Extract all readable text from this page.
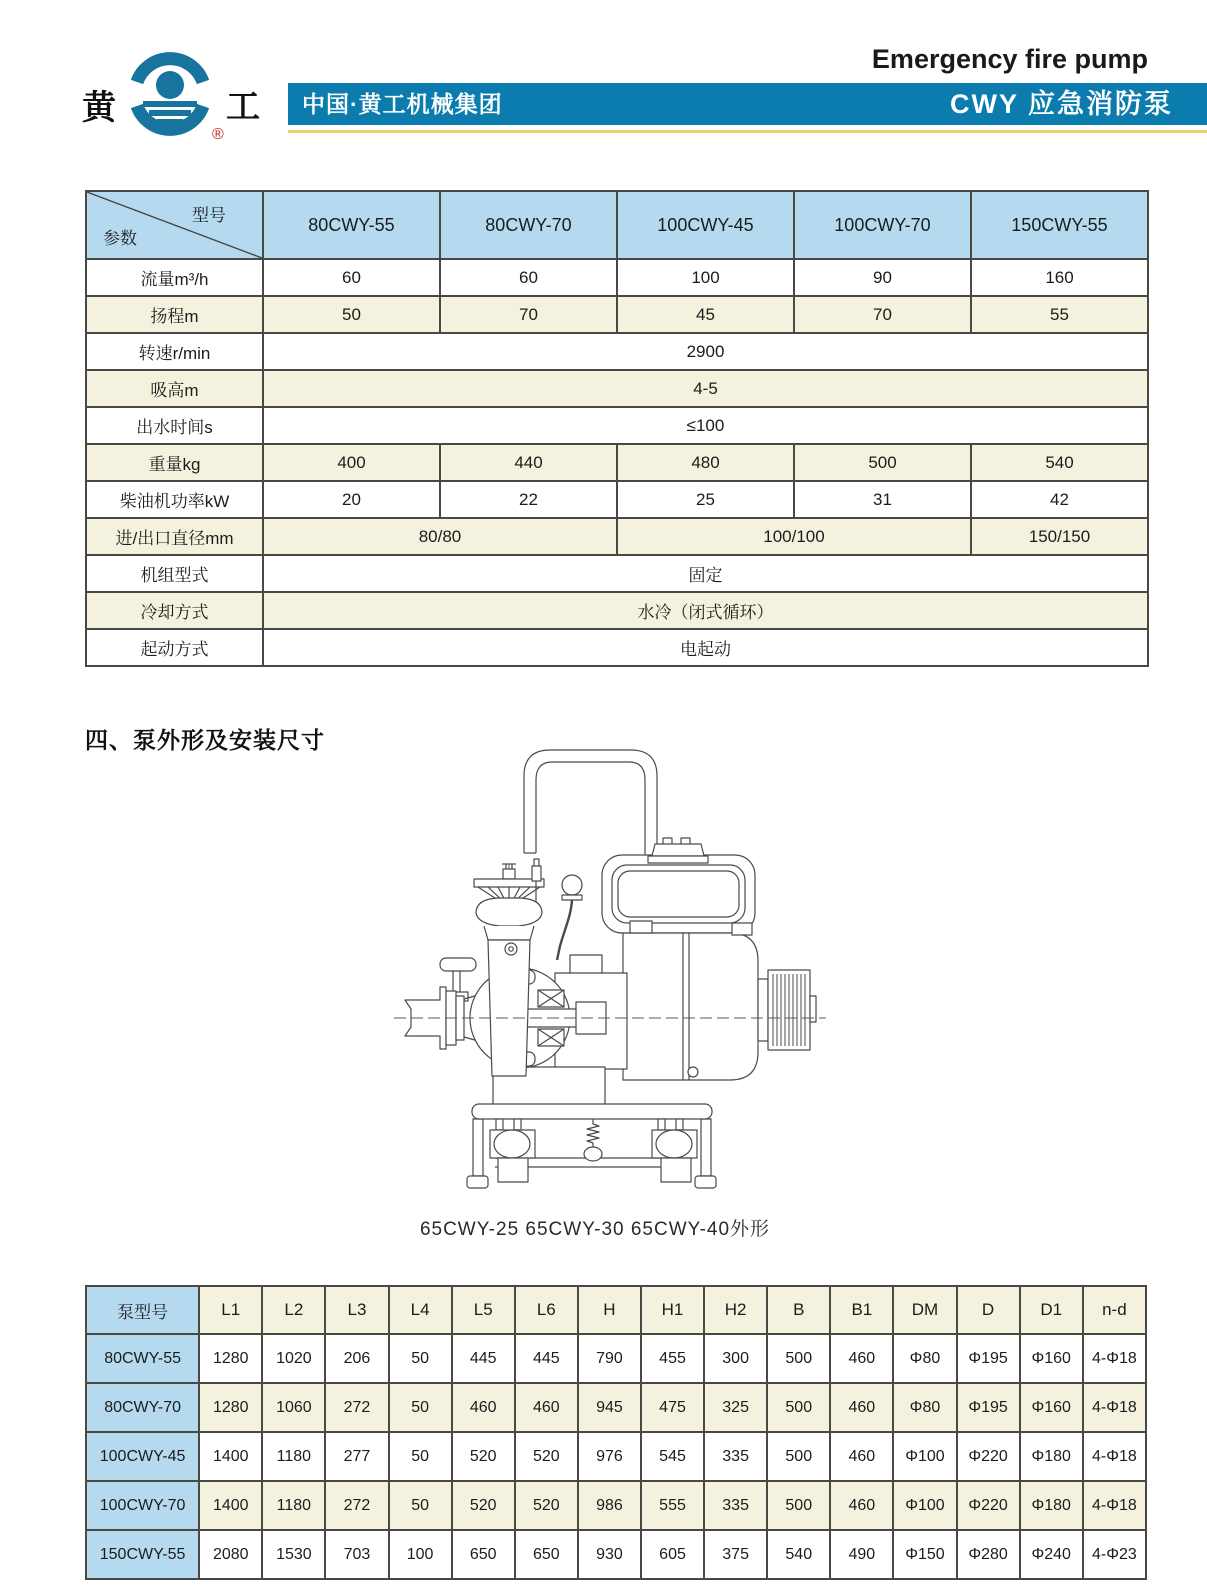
黄	工
®
中国·黄工机械集团
Emergency fire pump
CWY 应急消防泵
型号
参数	80CWY-55	80CWY-70	100CWY-45	100CWY-70	150CWY-55
流量m³/h	60	60	100	90	160
扬程m	50	70	45	70	55
转速r/min	2900				
吸高m	4-5				
出水时间s	≤100				
重量kg	400	440	480	500	540
柴油机功率kW	20	22	25	31	42
进/出口直径mm	80/80		100/100		150/150
机组型式	固定				
冷却方式	水冷（闭式循环）				
起动方式	电起动				
四、泵外形及安装尺寸
65CWY-25 65CWY-30 65CWY-40外形
泵型号	L1	L2	L3	L4	L5	L6	H	H1	H2	B	B1	DM	D	D1	n-d
80CWY-55	1280	1020	206	50	445	445	790	455	300	500	460	Φ80	Φ195	Φ160	4-Φ18
80CWY-70	1280	1060	272	50	460	460	945	475	325	500	460	Φ80	Φ195	Φ160	4-Φ18
100CWY-45	1400	1180	277	50	520	520	976	545	335	500	460	Φ100	Φ220	Φ180	4-Φ18
100CWY-70	1400	1180	272	50	520	520	986	555	335	500	460	Φ100	Φ220	Φ180	4-Φ18
150CWY-55	2080	1530	703	100	650	650	930	605	375	540	490	Φ150	Φ280	Φ240	4-Φ23
